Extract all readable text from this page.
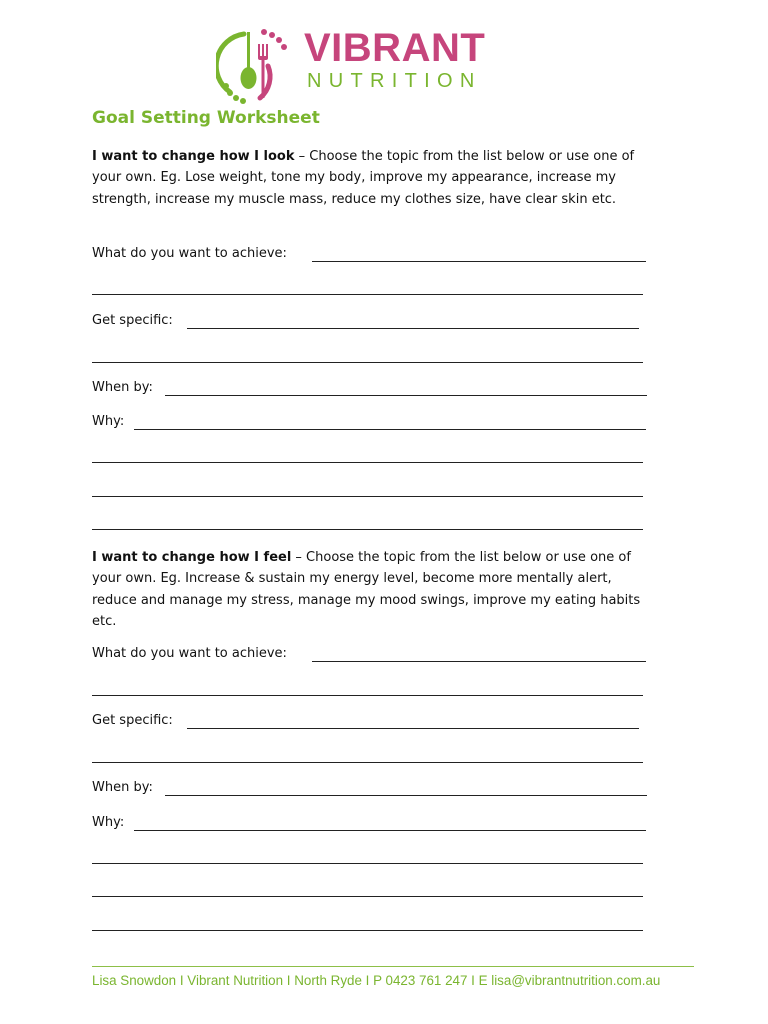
VIBRANT
NUTRITION
Goal Setting Worksheet
I want to change how I look – Choose the topic from the list below or use one of your own. Eg. Lose weight, tone my body, improve my appearance, increase my strength, increase my muscle mass, reduce my clothes size, have clear skin etc.
What do you want to achieve:
Get specific:
When by:
Why:
I want to change how I feel – Choose the topic from the list below or use one of your own. Eg. Increase & sustain my energy level, become more mentally alert, reduce and manage my stress, manage my mood swings, improve my eating habits etc.
What do you want to achieve:
Get specific:
When by:
Why:
Lisa Snowdon I Vibrant Nutrition I North Ryde I P 0423 761 247 I E lisa@vibrantnutrition.com.au
